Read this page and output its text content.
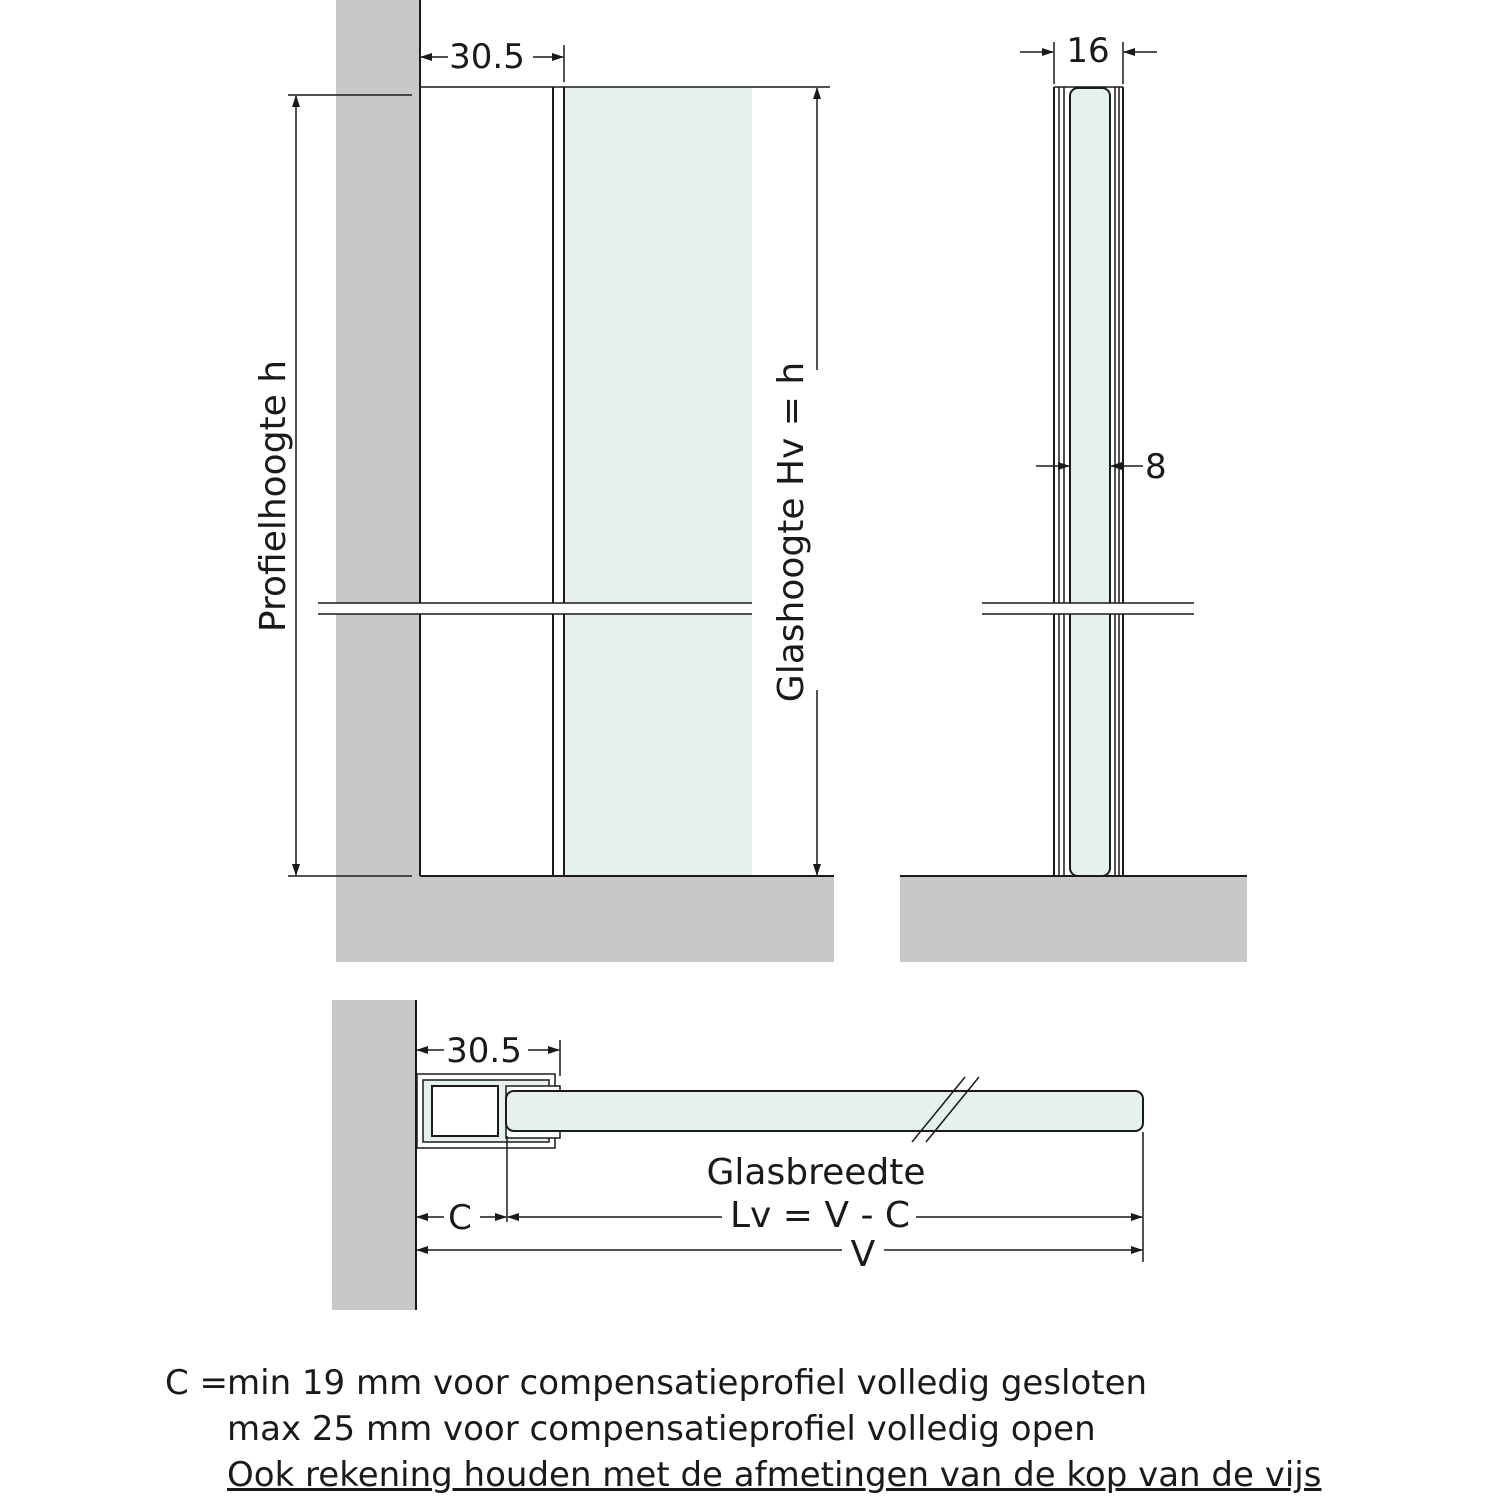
30.5
Profielhoogte h	Glashoogte Hv = h
16
8
30.5
C
Glasbreedte
Lv = V - C
V
C =
min 19 mm voor compensatieprofiel volledig gesloten
max 25 mm voor compensatieprofiel volledig open
Ook rekening houden met de afmetingen van de kop van de vijs
